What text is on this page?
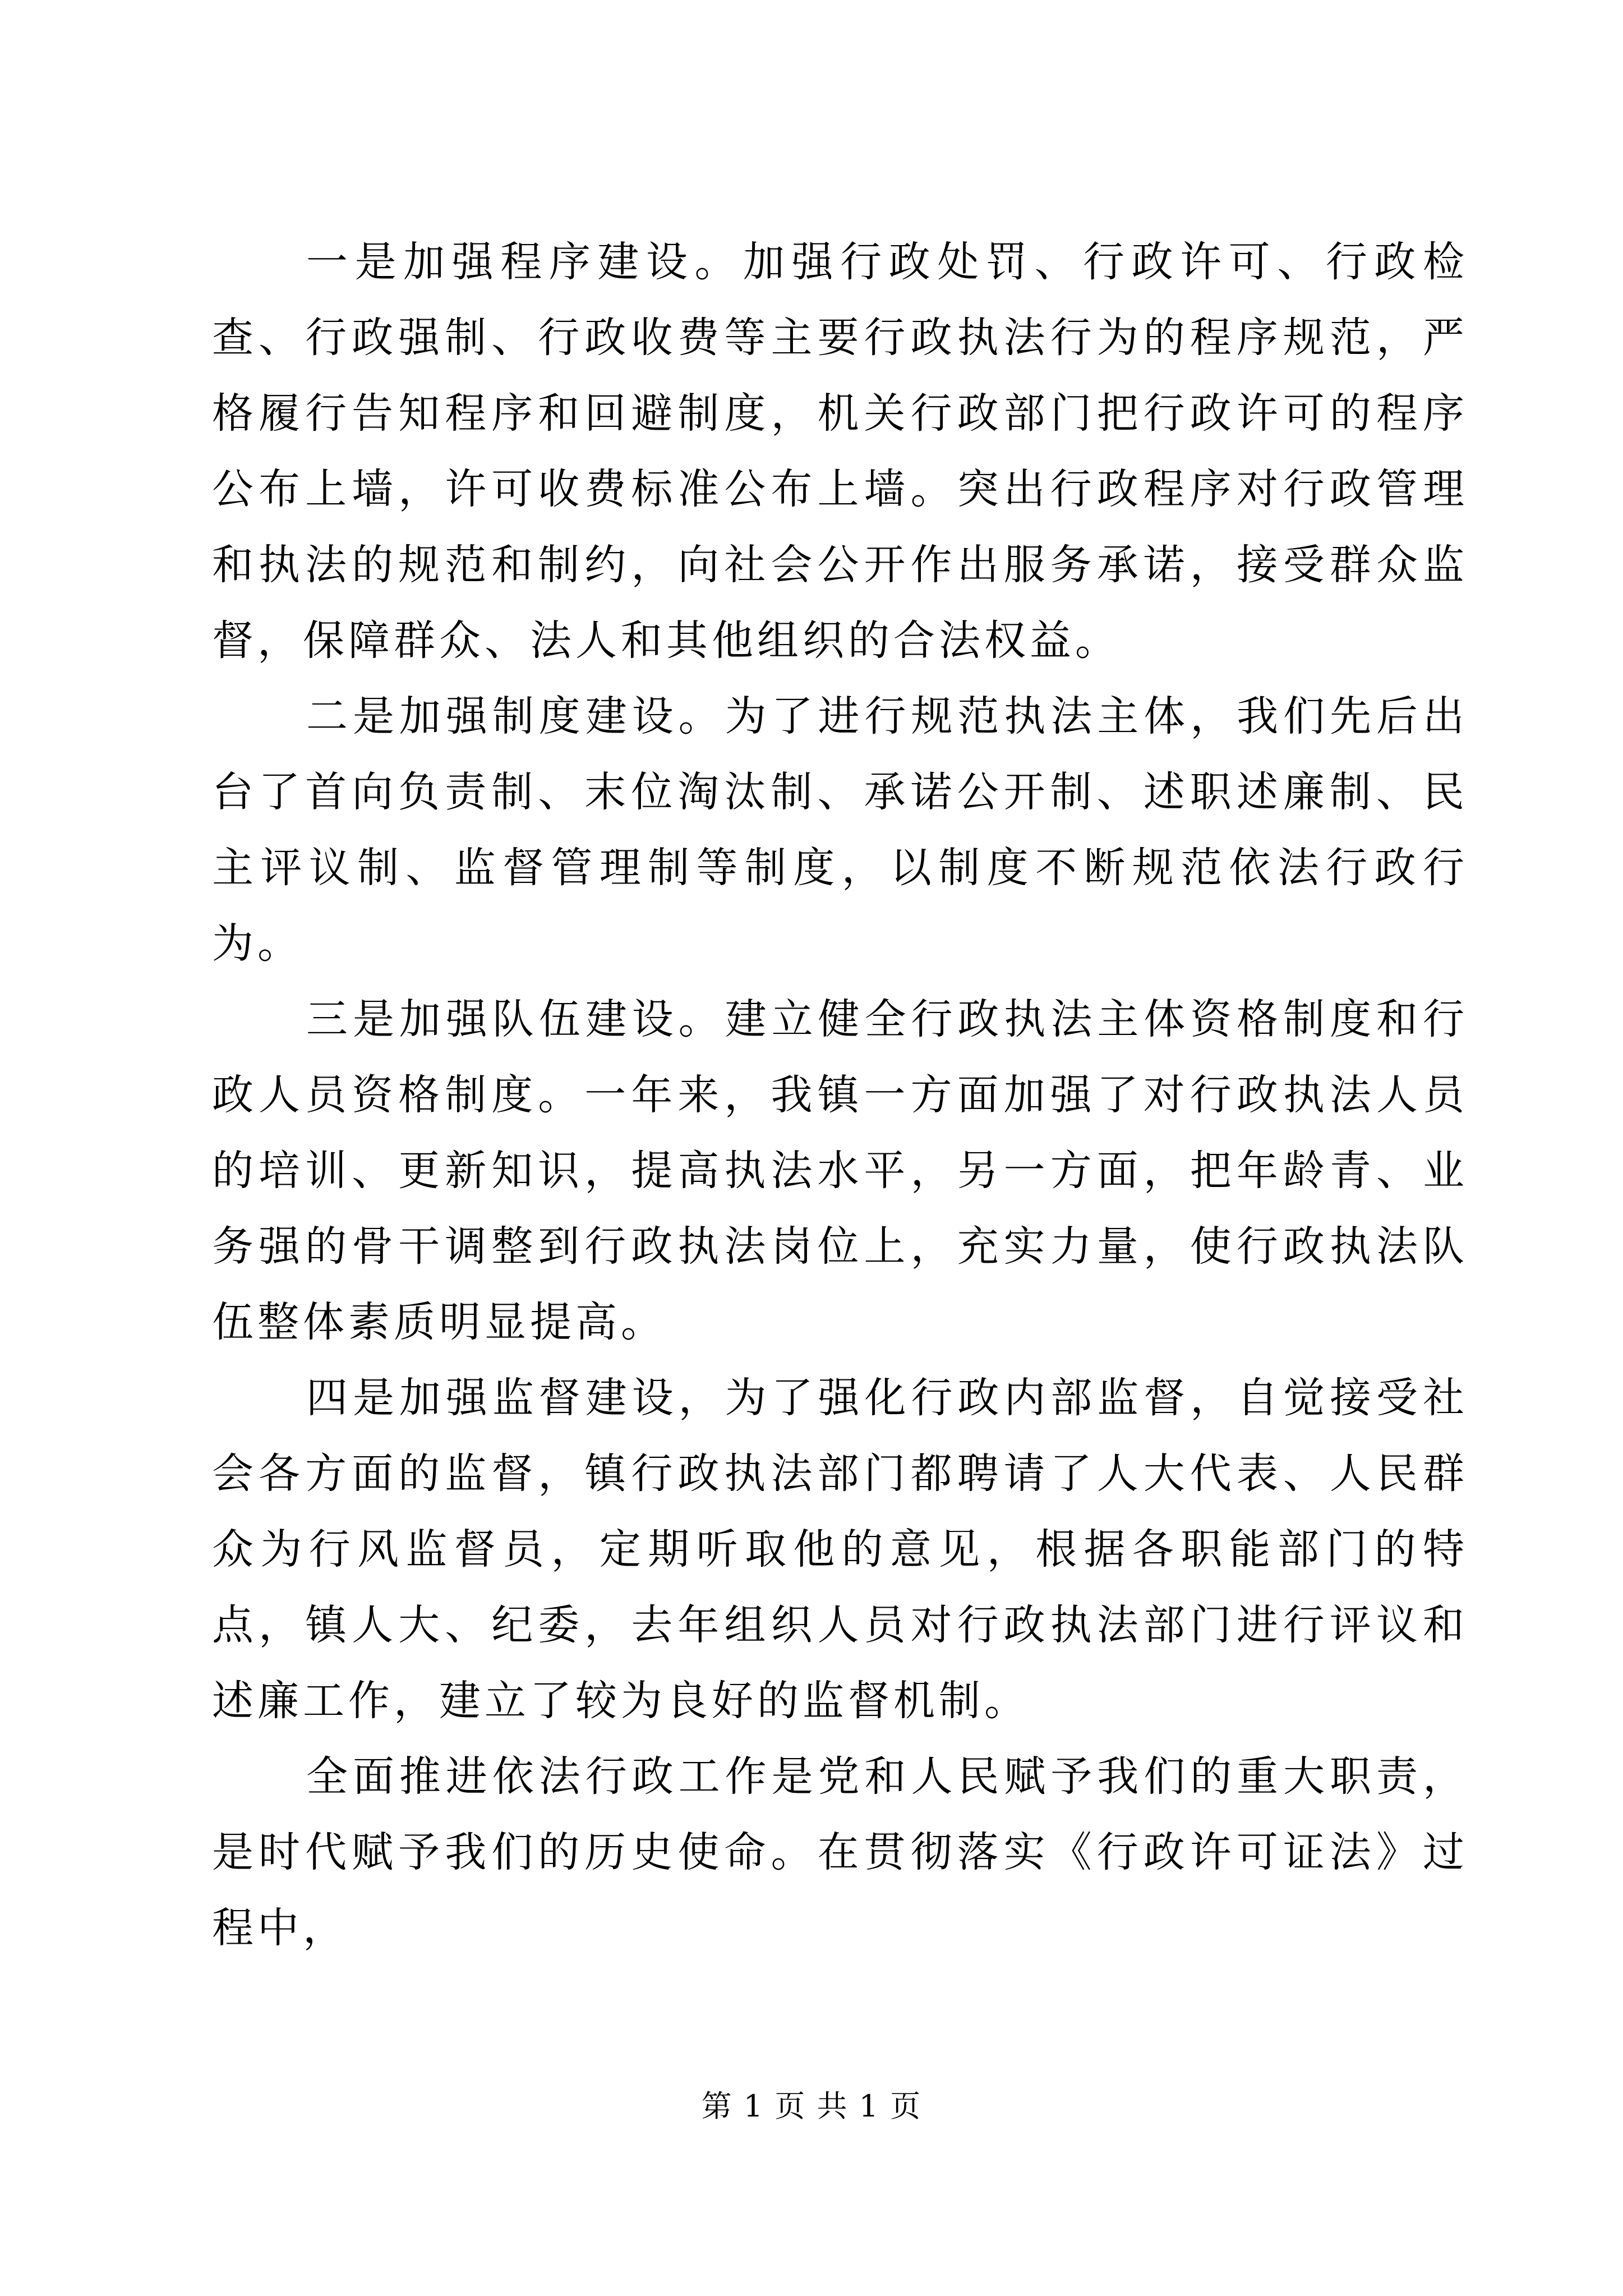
一是加强程序建设。加强行政处罚、行政许可、行政检查、行政强制、行政收费等主要行政执法行为的程序规范，严格履行告知程序和回避制度，机关行政部门把行政许可的程序公布上墙，许可收费标准公布上墙。突出行政程序对行政管理和执法的规范和制约，向社会公开作出服务承诺，接受群众监督，保障群众、法人和其他组织的合法权益。

二是加强制度建设。为了进行规范执法主体，我们先后出台了首向负责制、末位淘汰制、承诺公开制、述职述廉制、民主评议制、监督管理制等制度，以制度不断规范依法行政行为。

三是加强队伍建设。建立健全行政执法主体资格制度和行政人员资格制度。一年来，我镇一方面加强了对行政执法人员的培训、更新知识，提高执法水平，另一方面，把年龄青、业务强的骨干调整到行政执法岗位上，充实力量，使行政执法队伍整体素质明显提高。

四是加强监督建设，为了强化行政内部监督，自觉接受社会各方面的监督，镇行政执法部门都聘请了人大代表、人民群众为行风监督员，定期听取他的意见，根据各职能部门的特点，镇人大、纪委，去年组织人员对行政执法部门进行评议和述廉工作，建立了较为良好的监督机制。

全面推进依法行政工作是党和人民赋予我们的重大职责，是时代赋予我们的历史使命。在贯彻落实《行政许可证法》过程中，

第 1 页 共 1 页
